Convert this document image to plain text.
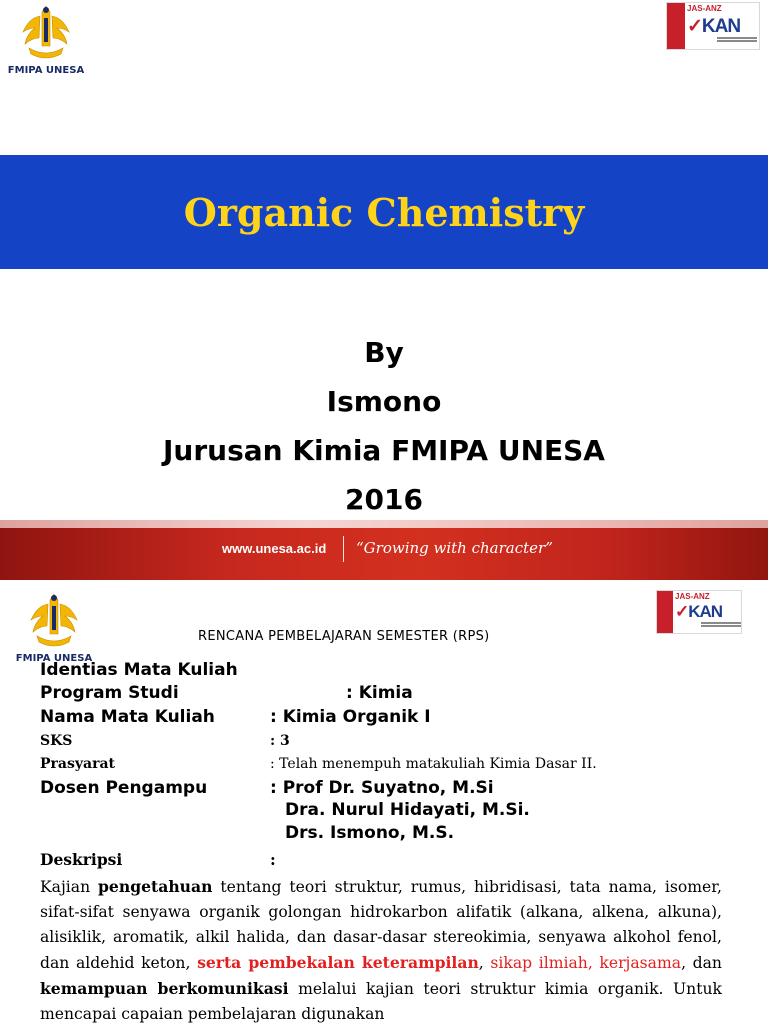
FMIPA UNESA
JAS-ANZ
✓KAN
Organic Chemistry
By
Ismono
Jurusan Kimia FMIPA UNESA
2016
www.unesa.ac.id “Growing with character”
FMIPA UNESA
JAS-ANZ
✓KAN
RENCANA PEMBELAJARAN SEMESTER (RPS)
Identias Mata Kuliah
Program Studi	: Kimia
Nama Mata Kuliah	: Kimia Organik I
SKS	: 3
Prasyarat	: Telah menempuh matakuliah Kimia Dasar II.
Dosen Pengampu	: Prof Dr. Suyatno, M.Si
Dra. Nurul Hidayati, M.Si.
Drs. Ismono, M.S.
Deskripsi	:
Kajian pengetahuan tentang teori struktur, rumus, hibridisasi, tata nama, isomer, sifat-sifat senyawa organik golongan hidrokarbon alifatik (alkana, alkena, alkuna), alisiklik, aromatik, alkil halida, dan dasar-dasar stereokimia, senyawa alkohol fenol, dan aldehid keton, serta pembekalan keterampilan, sikap ilmiah, kerjasama, dan kemampuan berkomunikasi melalui kajian teori struktur kimia organik. Untuk mencapai capaian pembelajaran digunakan
